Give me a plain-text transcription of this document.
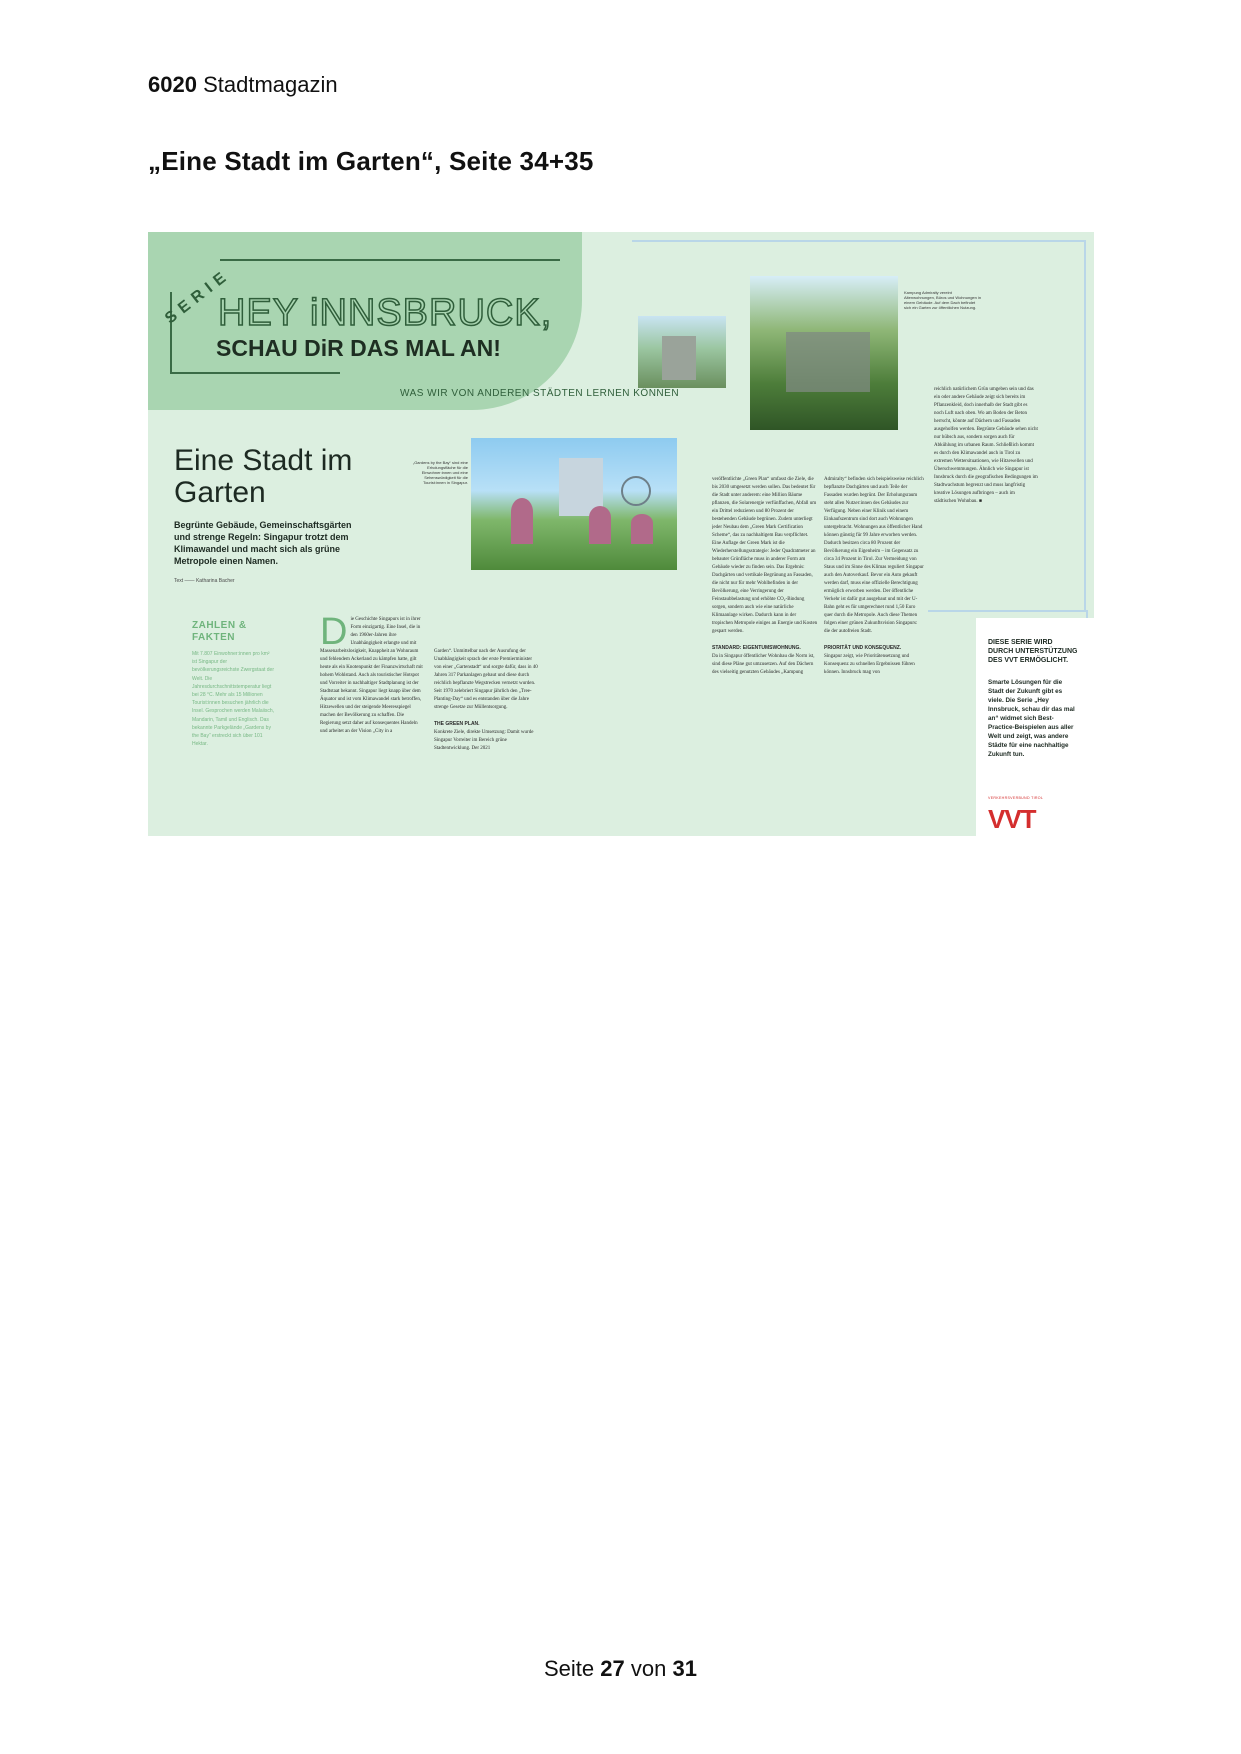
6020 Stadtmagazin
„Eine Stadt im Garten“, Seite 34+35
SERIE
HEY iNNSBRUCK,
SCHAU DiR DAS MAL AN!
WAS WIR VON ANDEREN STÄDTEN LERNEN KÖNNEN
Eine Stadt im Garten
Begrünte Gebäude, Gemeinschaftsgärten und strenge Regeln: Singapur trotzt dem Klimawandel und macht sich als grüne Metropole einen Namen.
Text —— Katharina Bacher
„Gardens by the Bay“ sind eine Erholungsfläche für die Einwohner:innen und eine Sehenswürdigkeit für die Tourist:innen in Singapur.
Kampung Admiralty vereint Altenwohnungen, Büros und Wohnungen in einem Gebäude. Auf dem Dach befindet sich ein Garten zur öffentlichen Nutzung.
ZAHLEN & FAKTEN
Mit 7.807 Einwohner:innen pro km² ist Singapur der bevölkerungsreichste Zwergstaat der Welt. Die Jahresdurchschnittstemperatur liegt bei 28 °C. Mehr als 15 Millionen Tourist:innen besuchen jährlich die Insel. Gesprochen werden Malaiisch, Mandarin, Tamil und Englisch. Das bekannte Parkgelände „Gardens by the Bay“ erstreckt sich über 101 Hektar.
Die Geschichte Singapurs ist in ihrer Form einzigartig. Eine Insel, die in den 1960er-Jahren ihre Unabhängigkeit erlangte und mit Massenarbeitslosigkeit, Knappheit an Wohnraum und fehlendem Ackerland zu kämpfen hatte, gilt heute als ein Knotenpunkt der Finanzwirtschaft mit hohem Wohlstand. Auch als touristischer Hotspot und Vorreiter in nachhaltiger Stadtplanung ist der Stadtstaat bekannt. Singapur liegt knapp über dem Äquator und ist vom Klimawandel stark betroffen, Hitzewellen und der steigende Meeresspiegel machen der Bevölkerung zu schaffen. Die Regierung setzt daher auf konsequentes Handeln und arbeitet an der Vision „City in a
Garden“. Unmittelbar nach der Ausrufung der Unabhängigkeit sprach der erste Premierminister von einer „Gartenstadt“ und sorgte dafür, dass in 40 Jahren 317 Parkanlagen gebaut und diese durch reichlich bepflanzte Wegstrecken vernetzt wurden. Seit 1970 zelebriert Singapur jährlich den „Tree-Planting-Day“ und es entstanden über die Jahre strenge Gesetze zur Müllentsorgung.

THE GREEN PLAN.
Konkrete Ziele, direkte Umsetzung: Damit wurde Singapur Vorreiter im Bereich grüne Stadtentwicklung. Der 2021
veröffentlichte „Green Plan“ umfasst die Ziele, die bis 2030 umgesetzt werden sollen. Das bedeutet für die Stadt unter anderem: eine Million Bäume pflanzen, die Solarenergie verfünffachen, Abfall um ein Drittel reduzieren und 80 Prozent der bestehenden Gebäude begrünen. Zudem unterliegt jeder Neubau dem „Green Mark Certification Scheme“, das zu nachhaltigem Bau verpflichtet. Eine Auflage der Green Mark ist die Wiederherstellungsstrategie: Jeder Quadratmeter an bebauter Grünfläche muss in anderer Form am Gebäude wieder zu finden sein. Das Ergebnis: Dachgärten und vertikale Begrünung an Fassaden, die nicht nur für mehr Wohlbefinden in der Bevölkerung, eine Verringerung der Feinstaubbelastung und erhöhte CO₂-Bindung sorgen, sondern auch wie eine natürliche Klimaanlage wirken. Dadurch kann in der tropischen Metropole einiges an Energie und Kosten gespart werden.

STANDARD: EIGENTUMSWOHNUNG.
Da in Singapur öffentlicher Wohnbau die Norm ist, sind diese Pläne gut umzusetzen. Auf den Dächern des vielseitig genutzten Gebäudes „Kampung
Admiralty“ befinden sich beispielsweise reichlich bepflanzte Dachgärten und auch Teile der Fassaden wurden begrünt. Der Erholungsraum steht allen Nutzer:innen des Gebäudes zur Verfügung. Neben einer Klinik und einem Einkaufszentrum sind dort auch Wohnungen untergebracht. Wohnungen aus öffentlicher Hand können günstig für 99 Jahre erworben werden. Dadurch besitzen circa 80 Prozent der Bevölkerung ein Eigenheim – im Gegensatz zu circa 34 Prozent in Tirol. Zur Vermeidung von Staus und im Sinne des Klimas reguliert Singapur auch den Autoverkauf. Bevor ein Auto gekauft werden darf, muss eine offizielle Berechtigung ermöglich erworben werden. Der öffentliche Verkehr ist dafür gut ausgebaut und mit der U-Bahn geht es für umgerechnet rund 1,50 Euro quer durch die Metropole. Auch diese Themen folgen einer grünen Zukunftsvision Singapurs: die der autofreien Stadt.

PRIORITÄT UND KONSEQUENZ.
Singapur zeigt, wie Prioritätensetzung und Konsequenz zu schnellen Ergebnissen führen können. Innsbruck mag von
reichlich natürlichem Grün umgeben sein und das ein oder andere Gebäude zeigt sich bereits im Pflanzenkleid, doch innerhalb der Stadt gibt es noch Luft nach oben. Wo am Boden der Beton herrscht, könnte auf Dächern und Fassaden ausgeholfen werden. Begrünte Gebäude sehen nicht nur hübsch aus, sondern sorgen auch für Abkühlung im urbanen Raum. Schließlich kommt es durch den Klimawandel auch in Tirol zu extremen Wettersituationen, wie Hitzewellen und Überschwemmungen. Ähnlich wie Singapur ist Innsbruck durch die geografischen Bedingungen im Stadtwachstum begrenzt und muss langfristig kreative Lösungen aufbringen – auch im städtischen Wohnbau. ■
DIESE SERIE WIRD DURCH UNTERSTÜTZUNG DES VVT ERMÖGLICHT.
Smarte Lösungen für die Stadt der Zukunft gibt es viele. Die Serie „Hey Innsbruck, schau dir das mal an“ widmet sich Best-Practice-Beispielen aus aller Welt und zeigt, was andere Städte für eine nachhaltige Zukunft tun.
VERKEHRSVERBUND TIROL
VVT
Seite 27 von 31
